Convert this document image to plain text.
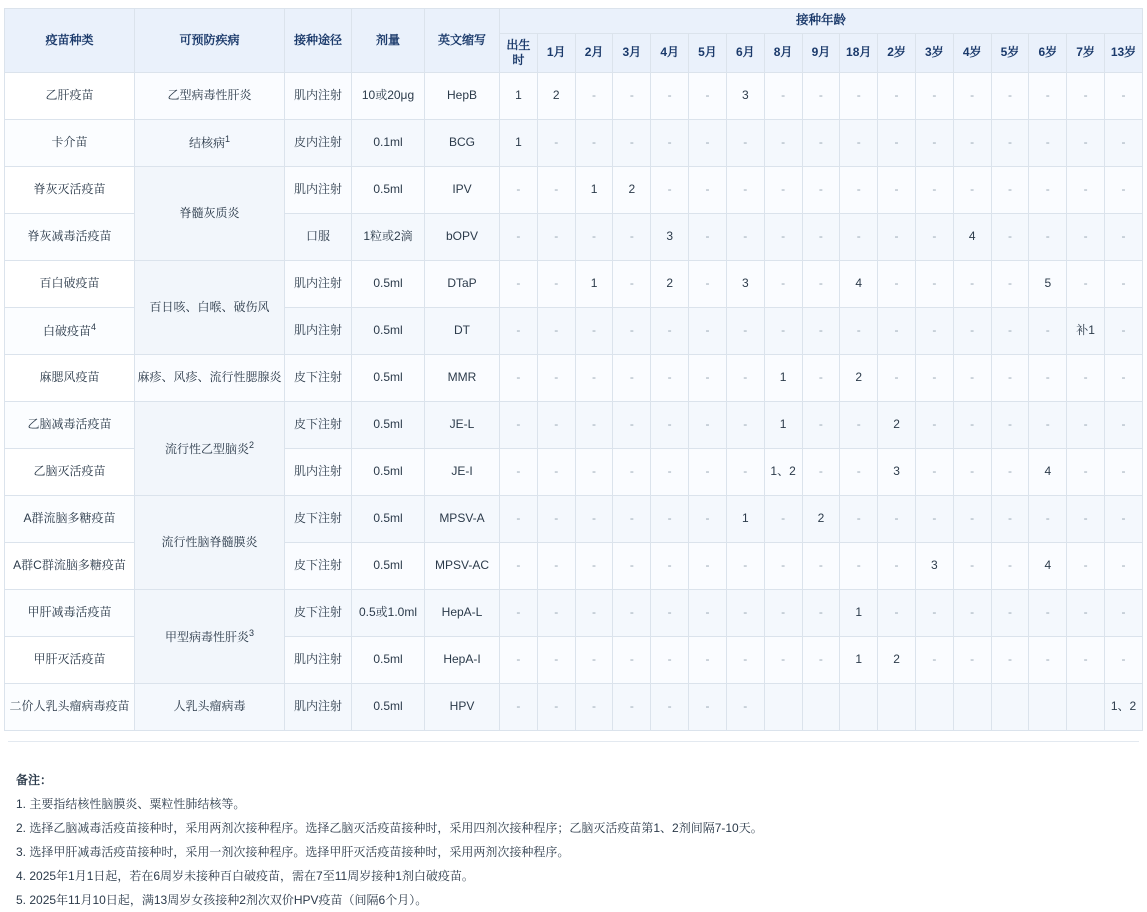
疫苗种类	可预防疾病	接种途径	剂量	英文缩写	接种年龄																
					出生时	1月	2月	3月	4月	5月	6月	8月	9月	18月	2岁	3岁	4岁	5岁	6岁	7岁	13岁
乙肝疫苗	乙型病毒性肝炎	肌内注射	10或20μg	HepB	1	2	-	-	-	-	3	-	-	-	-	-	-	-	-	-	-
卡介苗	结核病$^1$	皮内注射	0.1ml	BCG	1	-	-	-	-	-	-	-	-	-	-	-	-	-	-	-	-
脊灰灭活疫苗	脊髓灰质炎	肌内注射	0.5ml	IPV	-	-	1	2	-	-	-	-	-	-	-	-	-	-	-	-	-
脊灰减毒活疫苗		口服	1粒或2滴	bOPV	-	-	-	-	3	-	-	-	-	-	-	-	4	-	-	-	-
百白破疫苗	百日咳、白喉、破伤风	肌内注射	0.5ml	DTaP	-	-	1	-	2	-	3	-	-	4	-	-	-	-	5	-	-
白破疫苗$^4$		肌内注射	0.5ml	DT	-	-	-	-	-	-	-	-	-	-	-	-	-	-	-	补1	-
麻腮风疫苗	麻疹、风疹、流行性腮腺炎	皮下注射	0.5ml	MMR	-	-	-	-	-	-	-	1	-	2	-	-	-	-	-	-	-
乙脑减毒活疫苗	流行性乙型脑炎$^2$	皮下注射	0.5ml	JE-L	-	-	-	-	-	-	-	1	-	-	2	-	-	-	-	-	-
乙脑灭活疫苗		肌内注射	0.5ml	JE-I	-	-	-	-	-	-	-	1、2	-	-	3	-	-	-	4	-	-
A群流脑多糖疫苗	流行性脑脊髓膜炎	皮下注射	0.5ml	MPSV-A	-	-	-	-	-	-	1	-	2	-	-	-	-	-	-	-	-
A群C群流脑多糖疫苗		皮下注射	0.5ml	MPSV-AC	-	-	-	-	-	-	-	-	-	-	-	3	-	-	4	-	-
甲肝减毒活疫苗	甲型病毒性肝炎$^3$	皮下注射	0.5或1.0ml	HepA-L	-	-	-	-	-	-	-	-	-	1	-	-	-	-	-	-	-
甲肝灭活疫苗		肌内注射	0.5ml	HepA-I	-	-	-	-	-	-	-	-	-	1	2	-	-	-	-	-	-
二价人乳头瘤病毒疫苗	人乳头瘤病毒	肌内注射	0.5ml	HPV	-	-	-	-	-	-	-										1、2
备注：
1. 主要指结核性脑膜炎、粟粒性肺结核等。
2. 选择乙脑减毒活疫苗接种时，采用两剂次接种程序。选择乙脑灭活疫苗接种时，采用四剂次接种程序；乙脑灭活疫苗第1、2剂间隔7-10天。
3. 选择甲肝减毒活疫苗接种时，采用一剂次接种程序。选择甲肝灭活疫苗接种时，采用两剂次接种程序。
4. 2025年1月1日起，若在6周岁未接种百白破疫苗，需在7至11周岁接种1剂白破疫苗。
5. 2025年11月10日起，满13周岁女孩接种2剂次双价HPV疫苗（间隔6个月）。
